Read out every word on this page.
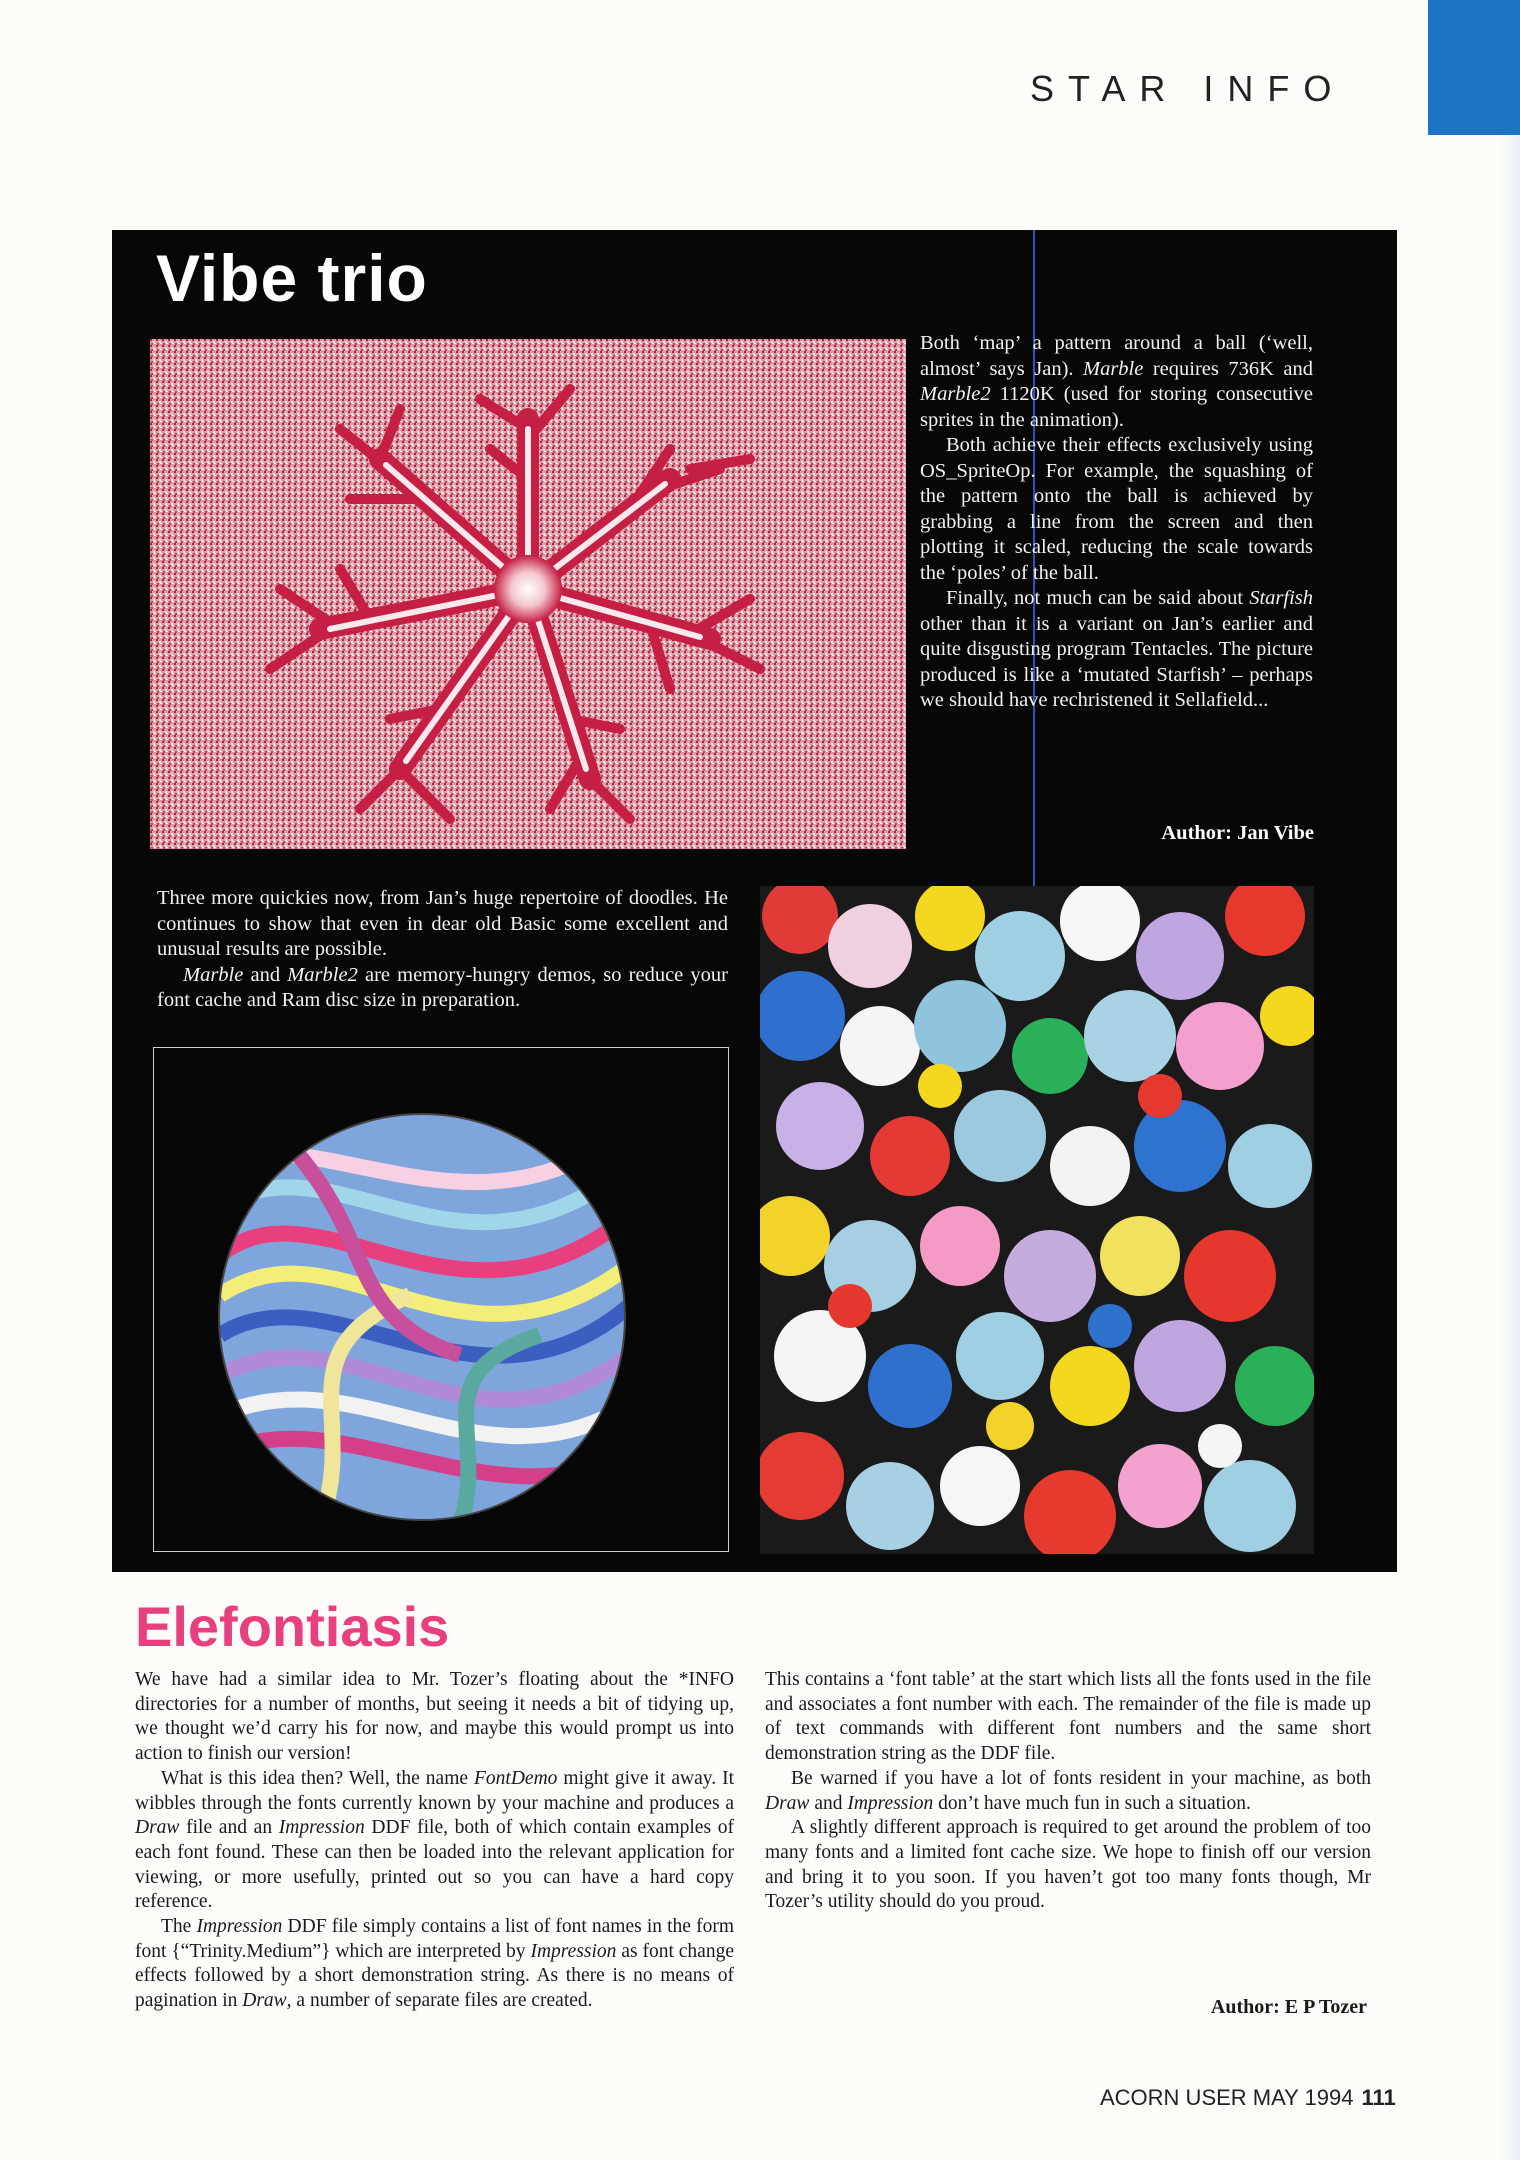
STAR INFO
Vibe trio

Both ‘map’ a pattern around a ball (‘well, almost’ says Jan). Marble requires 736K and Marble2 1120K (used for storing consecutive sprites in the animation).

Both achieve their effects exclusively using OS_SpriteOp. For example, the squashing of the pattern onto the ball is achieved by grabbing a line from the screen and then plotting it scaled, reducing the scale towards the ‘poles’ of the ball.

Finally, not much can be said about Starfish other than it is a variant on Jan’s earlier and quite disgusting program Tentacles. The picture produced is like a ‘mutated Starfish’ – perhaps we should have rechristened it Sellafield...

Author: Jan Vibe

Three more quickies now, from Jan’s huge repertoire of doodles. He continues to show that even in dear old Basic some excellent and unusual results are possible.

Marble and Marble2 are memory-hungry demos, so reduce your font cache and Ram disc size in preparation.

Elefontiasis

We have had a similar idea to Mr. Tozer’s floating about the *INFO directories for a number of months, but seeing it needs a bit of tidying up, we thought we’d carry his for now, and maybe this would prompt us into action to finish our version!

What is this idea then? Well, the name FontDemo might give it away. It wibbles through the fonts currently known by your machine and produces a Draw file and an Impression DDF file, both of which contain examples of each font found. These can then be loaded into the relevant application for viewing, or more usefully, printed out so you can have a hard copy reference.

The Impression DDF file simply contains a list of font names in the form font {“Trinity.Medium”} which are interpreted by Impression as font change effects followed by a short demonstration string. As there is no means of pagination in Draw, a number of separate files are created.

This contains a ‘font table’ at the start which lists all the fonts used in the file and associates a font number with each. The remainder of the file is made up of text commands with different font numbers and the same short demonstration string as the DDF file.

Be warned if you have a lot of fonts resident in your machine, as both Draw and Impression don’t have much fun in such a situation.

A slightly different approach is required to get around the problem of too many fonts and a limited font cache size. We hope to finish off our version and bring it to you soon. If you haven’t got too many fonts though, Mr Tozer’s utility should do you proud.

Author: E P Tozer
ACORN USER MAY 1994 111
